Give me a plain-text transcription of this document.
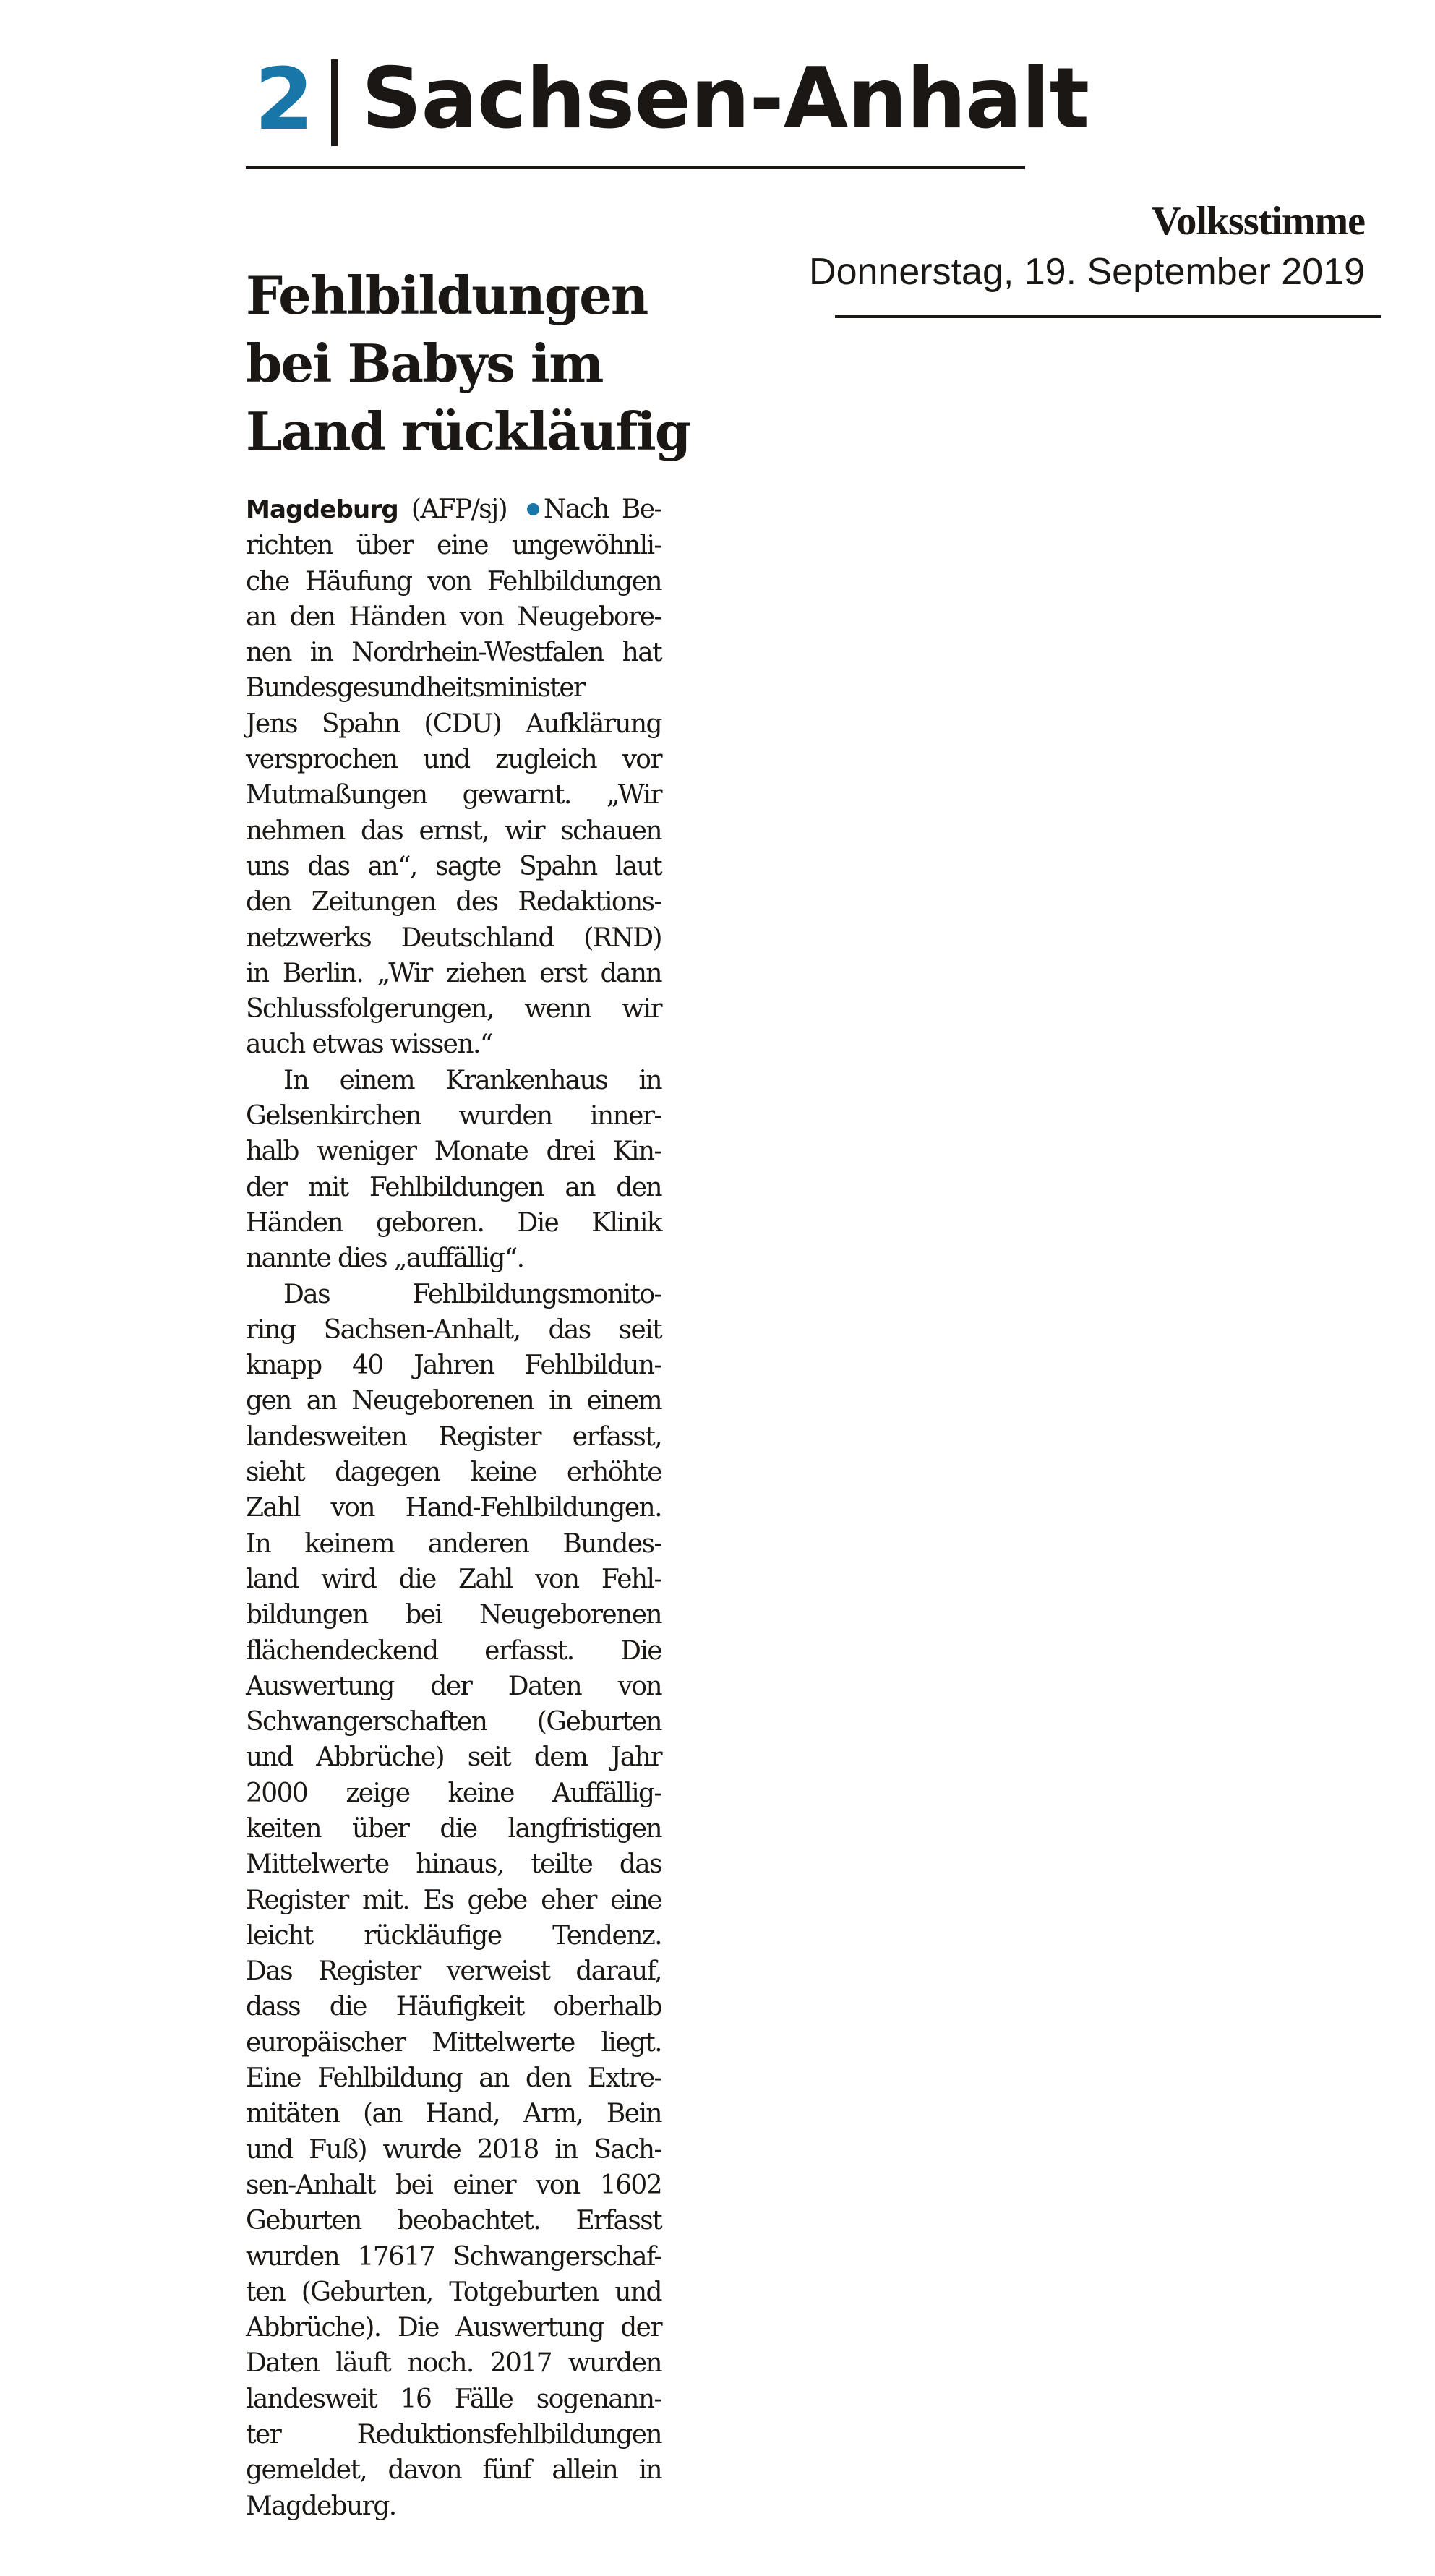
2 Sachsen-Anhalt
Volksstimme
Donnerstag, 19. September 2019
Fehlbildungen
bei Babys im
Land rückläufig
Magdeburg (AFP/sj) Nach Be-
richten über eine ungewöhnli-
che Häufung von Fehlbildungen
an den Händen von Neugebore-
nen in Nordrhein-Westfalen hat
Bundesgesundheitsminister
Jens Spahn (CDU) Aufklärung
versprochen und zugleich vor
Mutmaßungen gewarnt. „Wir
nehmen das ernst, wir schauen
uns das an“, sagte Spahn laut
den Zeitungen des Redaktions-
netzwerks Deutschland (RND)
in Berlin. „Wir ziehen erst dann
Schlussfolgerungen, wenn wir
auch etwas wissen.“
In einem Krankenhaus in
Gelsenkirchen wurden inner-
halb weniger Monate drei Kin-
der mit Fehlbildungen an den
Händen geboren. Die Klinik
nannte dies „auffällig“.
Das Fehlbildungsmonito-
ring Sachsen-Anhalt, das seit
knapp 40 Jahren Fehlbildun-
gen an Neugeborenen in einem
landesweiten Register erfasst,
sieht dagegen keine erhöhte
Zahl von Hand-Fehlbildungen.
In keinem anderen Bundes-
land wird die Zahl von Fehl-
bildungen bei Neugeborenen
flächendeckend erfasst. Die
Auswertung der Daten von
Schwangerschaften (Geburten
und Abbrüche) seit dem Jahr
2000 zeige keine Auffällig-
keiten über die langfristigen
Mittelwerte hinaus, teilte das
Register mit. Es gebe eher eine
leicht rückläufige Tendenz.
Das Register verweist darauf,
dass die Häufigkeit oberhalb
europäischer Mittelwerte liegt.
Eine Fehlbildung an den Extre-
mitäten (an Hand, Arm, Bein
und Fuß) wurde 2018 in Sach-
sen-Anhalt bei einer von 1602
Geburten beobachtet. Erfasst
wurden 17617 Schwangerschaf-
ten (Geburten, Totgeburten und
Abbrüche). Die Auswertung der
Daten läuft noch. 2017 wurden
landesweit 16 Fälle sogenann-
ter Reduktionsfehlbildungen
gemeldet, davon fünf allein in
Magdeburg.
